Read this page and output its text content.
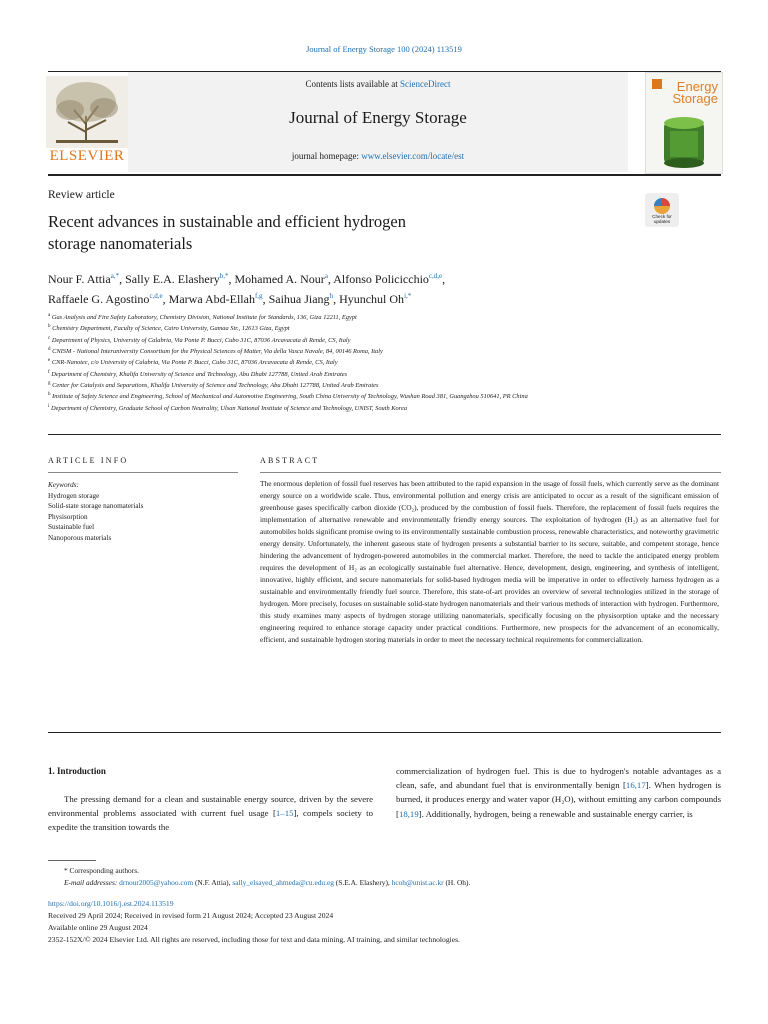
Journal of Energy Storage 100 (2024) 113519
ELSEVIER
Contents lists available at ScienceDirect
Journal of Energy Storage
journal homepage: www.elsevier.com/locate/est
Energy
Storage
Review article
Recent advances in sustainable and efficient hydrogen
storage nanomaterials
Check for updates
Nour F. Attia$^{a,*}$, Sally E.A. Elashery$^{b,*}$, Mohamed A. Nour$^a$, Alfonso Policicchio$^{c,d,e}$,
Raffaele G. Agostino$^{c,d,e}$, Marwa Abd-Ellah$^{f,g}$, Saihua Jiang$^h$, Hyunchul $Oh^{i,*}$
$^a$ Gas Analysis and Fire Safety Laboratory, Chemistry Division, National Institute for Standards, 136, Giza 12211, Egypt
$^b$ Chemistry Department, Faculty of Science, Cairo University, Gamaa Str., 12613 Giza, Egypt
$^c$ Department of Physics, University of Calabria, Via Ponte P. Bucci, Cubo 31C, 87036 Arcavacata di Rende, CS, Italy
$^d$ CNISM - National Interuniversity Consortium for the Physical Sciences of Matter, Via della Vasca Navale, 84, 00146 Roma, Italy
$^e$ CNR-Nanotec, c/o University of Calabria, Via Ponte P. Bucci, Cubo 31C, 87036 Arcavacata di Rende, CS, Italy
$^f$ Department of Chemistry, Khalifa University of Science and Technology, Abu Dhabi 127788, United Arab Emirates
$^g$ Center for Catalysis and Separations, Khalifa University of Science and Technology, Abu Dhabi 127788, United Arab Emirates
$^h$ Institute of Safety Science and Engineering, School of Mechanical and Automotive Engineering, South China University of Technology, Wushan Road 381, Guangzhou 510641, PR China
$^i$ Department of Chemistry, Graduate School of Carbon Neutrality, Ulsan National Institute of Science and Technology, UNIST, South Korea
ARTICLE INFO
Keywords:
Hydrogen storage
Solid-state storage nanomaterials
Physisorption
Sustainable fuel
Nanoporous materials
ABSTRACT
The enormous depletion of fossil fuel reserves has been attributed to the rapid expansion in the usage of fossil fuels, which currently serve as the dominant energy source on a worldwide scale. Thus, environmental pollution and energy crisis are anticipated to occur as a result of the significant emission of greenhouse gases specifically carbon dioxide (CO₂), produced by the combustion of fossil fuels. Therefore, the replacement of fossil fuels requires the implementation of alternative renewable and environmentally friendly energy sources. The exploitation of hydrogen (H₂) as an alternative fuel for automobiles holds significant promise owing to its environmentally sustainable combustion process, renewable characteristics, and noteworthy gravimetric energy density. Unfortunately, the inherent gaseous state of hydrogen presents a substantial barrier to its secure, suitable, and competent storage, hence hindering the advancement of hydrogen-powered automobiles in the commercial market. Therefore, the need to tackle the anticipated energy problem requires the development of H₂ as an ecologically sustainable fuel alternative. Hence, development, design, engineering, and synthesis of intelligent, innovative, highly efficient, and secure nanomaterials for solid-based hydrogen media will be imperative in order to effectively harness hydrogen as a sustainable and environmentally friendly fuel source. Therefore, this state-of-art provides an overview of several technologies utilized in the storage of hydrogen. More precisely, focuses on sustainable solid-state hydrogen nanomaterials and their various methods of interaction with hydrogen. Furthermore, this study examines many aspects of hydrogen storage utilizing nanomaterials, specifically focusing on the physisorption uptake and the necessary engineering required to enhance storage capacity under practical conditions. Furthermore, new prospects for the advancement of an economically, efficient, and sustainable hydrogen storing materials in order to meet the necessary technical requirements for commercialization.
1. Introduction
The pressing demand for a clean and sustainable energy source, driven by the severe environmental problems associated with current fuel usage [1–15], compels society to expedite the transition towards the
commercialization of hydrogen fuel. This is due to hydrogen's notable advantages as a clean, safe, and abundant fuel that is environmentally benign [16,17]. When hydrogen is burned, it produces energy and water vapor (H₂O), without emitting any carbon compounds [18,19]. Additionally, hydrogen, being a renewable and sustainable energy carrier, is
* Corresponding authors.
E-mail addresses: drnour2005@yahoo.com (N.F. Attia), sally_elsayed_ahmeda@cu.edu.eg (S.E.A. Elashery), hcoh@unist.ac.kr (H. Oh).
https://doi.org/10.1016/j.est.2024.113519
Received 29 April 2024; Received in revised form 21 August 2024; Accepted 23 August 2024
Available online 29 August 2024
2352-152X/© 2024 Elsevier Ltd. All rights are reserved, including those for text and data mining, AI training, and similar technologies.
